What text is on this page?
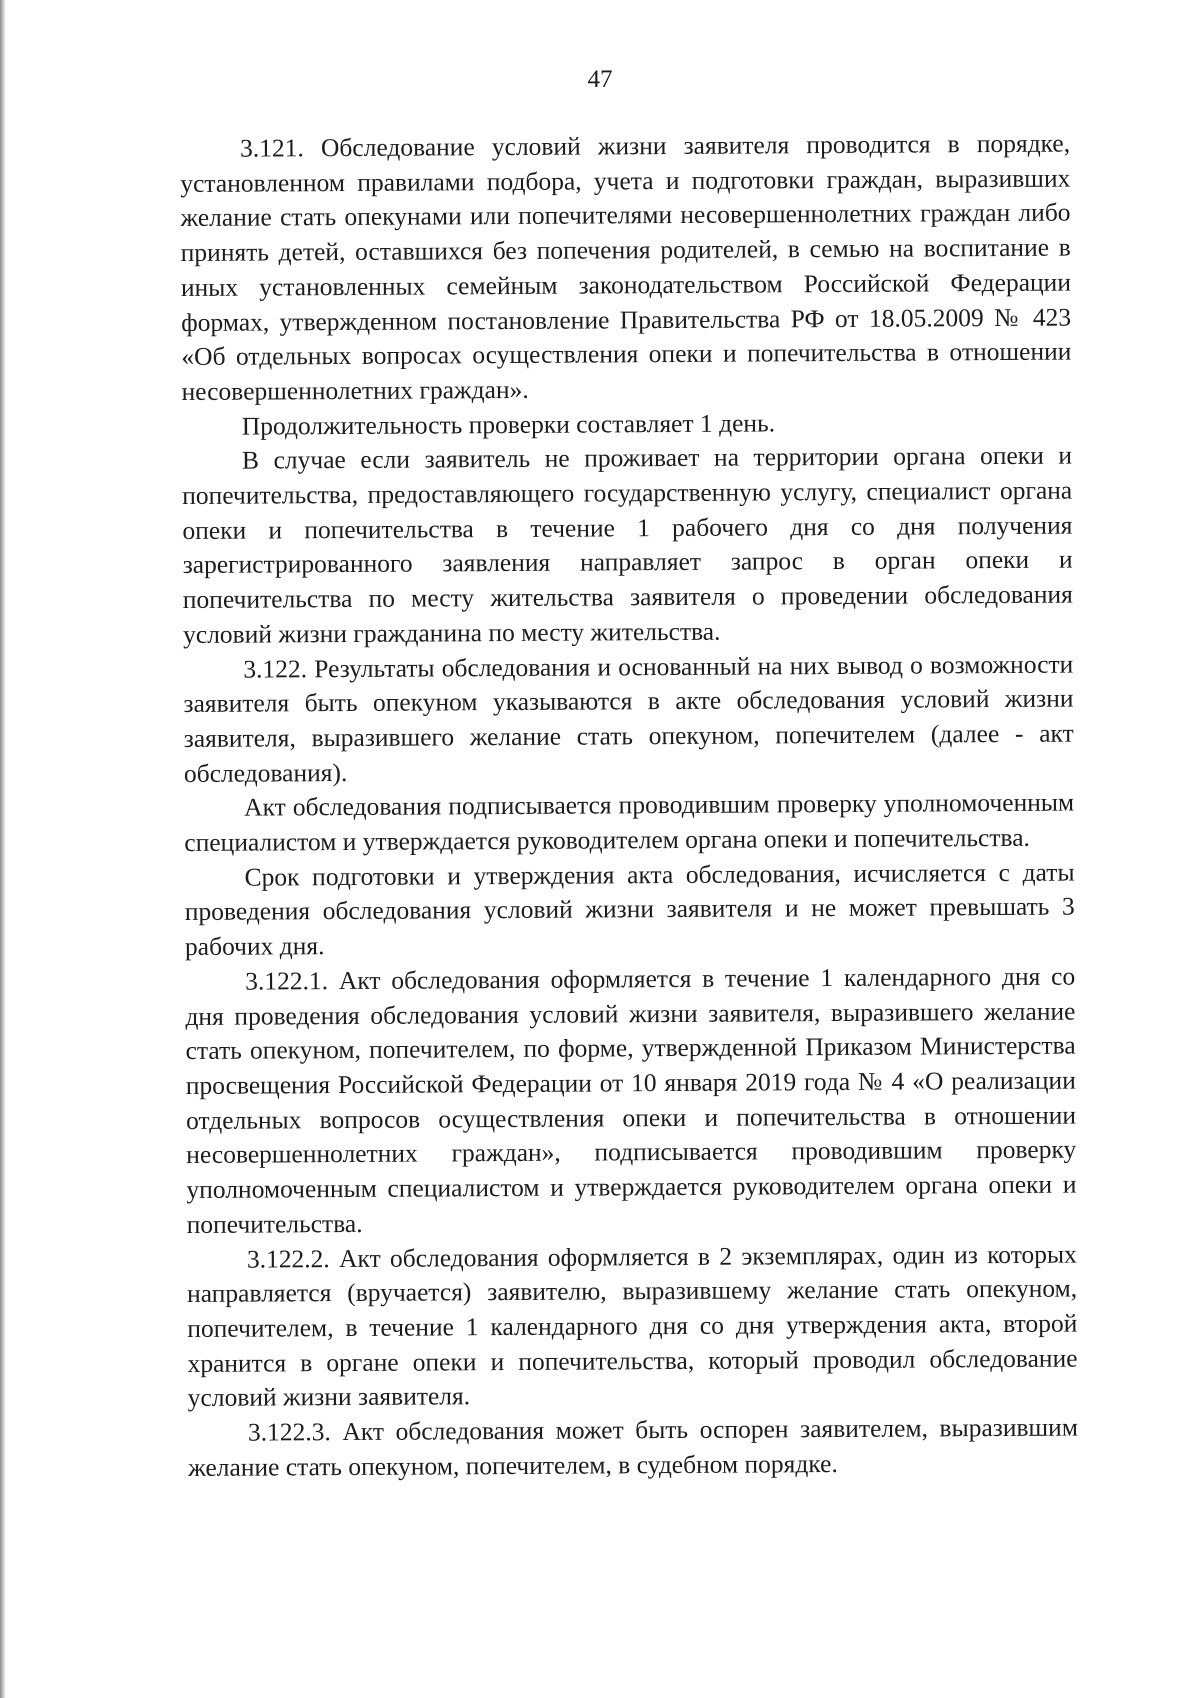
47

3.121. Обследование условий жизни заявителя проводится в порядке, установленном правилами подбора, учета и подготовки граждан, выразивших желание стать опекунами или попечителями несовершеннолетних граждан либо принять детей, оставшихся без попечения родителей, в семью на воспитание в иных установленных семейным законодательством Российской Федерации формах, утвержденном постановление Правительства РФ от 18.05.2009 № 423 «Об отдельных вопросах осуществления опеки и попечительства в отношении несовершеннолетних граждан».

Продолжительность проверки составляет 1 день.

В случае если заявитель не проживает на территории органа опеки и попечительства, предоставляющего государственную услугу, специалист органа опеки и попечительства в течение 1 рабочего дня со дня получения зарегистрированного заявления направляет запрос в орган опеки и попечительства по месту жительства заявителя о проведении обследования условий жизни гражданина по месту жительства.

3.122. Результаты обследования и основанный на них вывод о возможности заявителя быть опекуном указываются в акте обследования условий жизни заявителя, выразившего желание стать опекуном, попечителем (далее - акт обследования).

Акт обследования подписывается проводившим проверку уполномоченным специалистом и утверждается руководителем органа опеки и попечительства.

Срок подготовки и утверждения акта обследования, исчисляется с даты проведения обследования условий жизни заявителя и не может превышать 3 рабочих дня.

3.122.1. Акт обследования оформляется в течение 1 календарного дня со дня проведения обследования условий жизни заявителя, выразившего желание стать опекуном, попечителем, по форме, утвержденной Приказом Министерства просвещения Российской Федерации от 10 января 2019 года № 4 «О реализации отдельных вопросов осуществления опеки и попечительства в отношении несовершеннолетних граждан», подписывается проводившим проверку уполномоченным специалистом и утверждается руководителем органа опеки и попечительства.

3.122.2. Акт обследования оформляется в 2 экземплярах, один из которых направляется (вручается) заявителю, выразившему желание стать опекуном, попечителем, в течение 1 календарного дня со дня утверждения акта, второй хранится в органе опеки и попечительства, который проводил обследование условий жизни заявителя.

3.122.3. Акт обследования может быть оспорен заявителем, выразившим желание стать опекуном, попечителем, в судебном порядке.
